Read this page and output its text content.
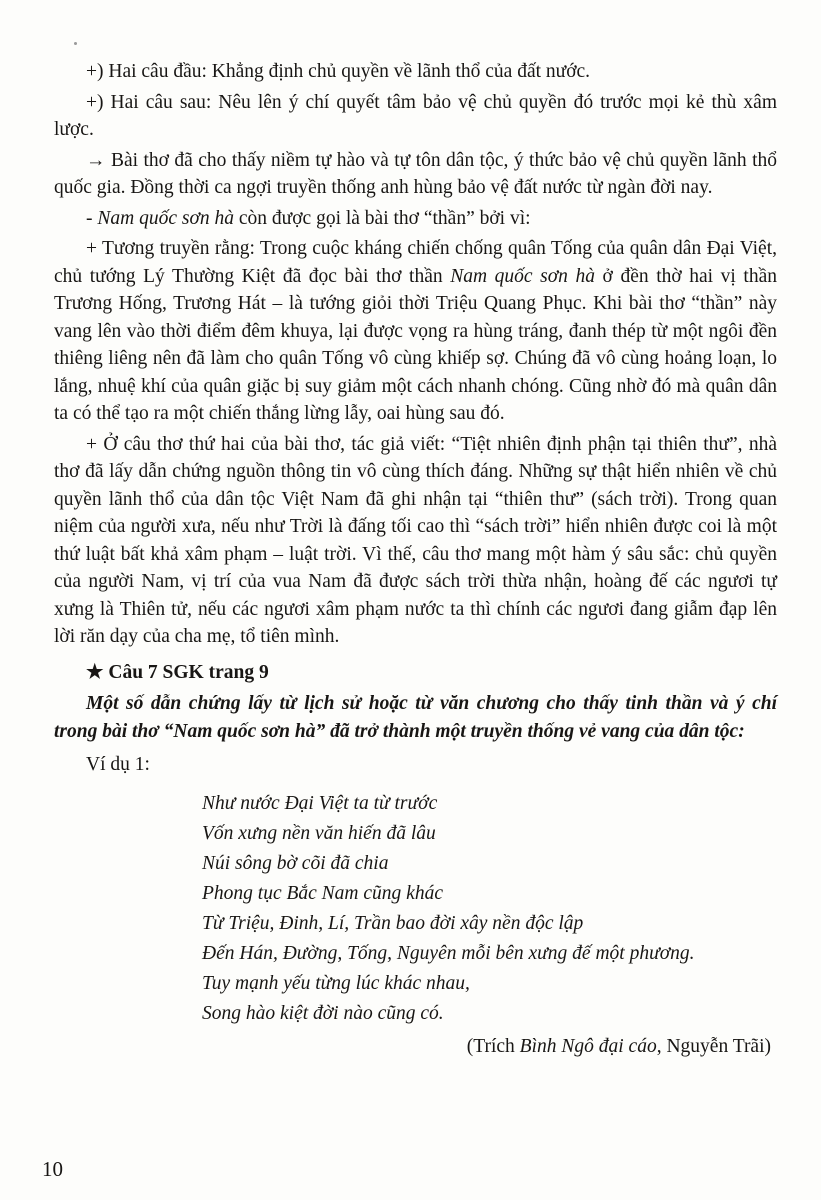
+) Hai câu đầu: Khẳng định chủ quyền về lãnh thổ của đất nước.

+) Hai câu sau: Nêu lên ý chí quyết tâm bảo vệ chủ quyền đó trước mọi kẻ thù xâm lược.

→ Bài thơ đã cho thấy niềm tự hào và tự tôn dân tộc, ý thức bảo vệ chủ quyền lãnh thổ quốc gia. Đồng thời ca ngợi truyền thống anh hùng bảo vệ đất nước từ ngàn đời nay.

- Nam quốc sơn hà còn được gọi là bài thơ “thần” bởi vì:

+ Tương truyền rằng: Trong cuộc kháng chiến chống quân Tống của quân dân Đại Việt, chủ tướng Lý Thường Kiệt đã đọc bài thơ thần Nam quốc sơn hà ở đền thờ hai vị thần Trương Hống, Trương Hát – là tướng giỏi thời Triệu Quang Phục. Khi bài thơ “thần” này vang lên vào thời điểm đêm khuya, lại được vọng ra hùng tráng, đanh thép từ một ngôi đền thiêng liêng nên đã làm cho quân Tống vô cùng khiếp sợ. Chúng đã vô cùng hoảng loạn, lo lắng, nhuệ khí của quân giặc bị suy giảm một cách nhanh chóng. Cũng nhờ đó mà quân dân ta có thể tạo ra một chiến thắng lừng lẫy, oai hùng sau đó.

+ Ở câu thơ thứ hai của bài thơ, tác giả viết: “Tiệt nhiên định phận tại thiên thư”, nhà thơ đã lấy dẫn chứng nguồn thông tin vô cùng thích đáng. Những sự thật hiển nhiên về chủ quyền lãnh thổ của dân tộc Việt Nam đã ghi nhận tại “thiên thư” (sách trời). Trong quan niệm của người xưa, nếu như Trời là đấng tối cao thì “sách trời” hiển nhiên được coi là một thứ luật bất khả xâm phạm – luật trời. Vì thế, câu thơ mang một hàm ý sâu sắc: chủ quyền của người Nam, vị trí của vua Nam đã được sách trời thừa nhận, hoàng đế các ngươi tự xưng là Thiên tử, nếu các ngươi xâm phạm nước ta thì chính các ngươi đang giẫm đạp lên lời răn dạy của cha mẹ, tổ tiên mình.

★ Câu 7 SGK trang 9

Một số dẫn chứng lấy từ lịch sử hoặc từ văn chương cho thấy tinh thần và ý chí trong bài thơ “Nam quốc sơn hà” đã trở thành một truyền thống vẻ vang của dân tộc:

Ví dụ 1:

Như nước Đại Việt ta từ trước
Vốn xưng nền văn hiến đã lâu
Núi sông bờ cõi đã chia
Phong tục Bắc Nam cũng khác
Từ Triệu, Đinh, Lí, Trần bao đời xây nền độc lập
Đến Hán, Đường, Tống, Nguyên mỗi bên xưng đế một phương.
Tuy mạnh yếu từng lúc khác nhau,
Song hào kiệt đời nào cũng có.

(Trích Bình Ngô đại cáo, Nguyễn Trãi)

10
